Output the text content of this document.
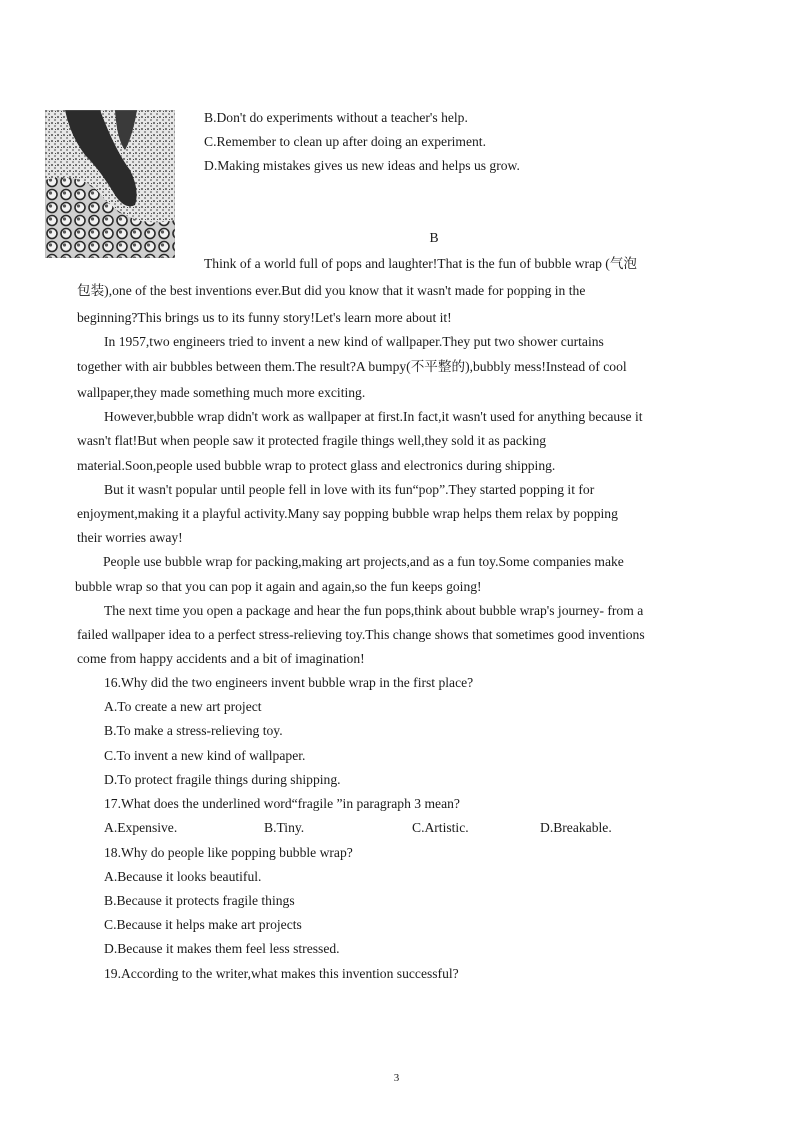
B.Don't do experiments without a teacher's help.
C.Remember to clean up after doing an experiment.
D.Making mistakes gives us new ideas and helps us grow.
B
Think of a world full of pops and laughter!That is the fun of bubble wrap (气泡
包装),one of the best inventions ever.But did you know that it wasn't made for popping in the
beginning?This brings us to its funny story!Let's learn more about it!
In 1957,two engineers tried to invent a new kind of wallpaper.They put two shower curtains
together with air bubbles between them.The result?A bumpy(不平整的),bubbly mess!Instead of cool
wallpaper,they made something much more exciting.
However,bubble wrap didn't work as wallpaper at first.In fact,it wasn't used for anything because it
wasn't flat!But when people saw it protected fragile things well,they sold it as packing
material.Soon,people used bubble wrap to protect glass and electronics during shipping.
But it wasn't popular until people fell in love with its fun“pop”.They started popping it for
enjoyment,making it a playful activity.Many say popping bubble wrap helps them relax by popping
their worries away!
People use bubble wrap for packing,making art projects,and as a fun toy.Some companies make
bubble wrap so that you can pop it again and again,so the fun keeps going!
The next time you open a package and hear the fun pops,think about bubble wrap's journey- from a
failed wallpaper idea to a perfect stress-relieving toy.This change shows that sometimes good inventions
come from happy accidents and a bit of imagination!
16.Why did the two engineers invent bubble wrap in the first place?
A.To create a new art project
B.To make a stress-relieving toy.
C.To invent a new kind of wallpaper.
D.To protect fragile things during shipping.
17.What does the underlined word“fragile ”in paragraph 3 mean?
A.Expensive.	B.Tiny.	C.Artistic.	D.Breakable.
18.Why do people like popping bubble wrap?
A.Because it looks beautiful.
B.Because it protects fragile things
C.Because it helps make art projects
D.Because it makes them feel less stressed.
19.According to the writer,what makes this invention successful?
3
